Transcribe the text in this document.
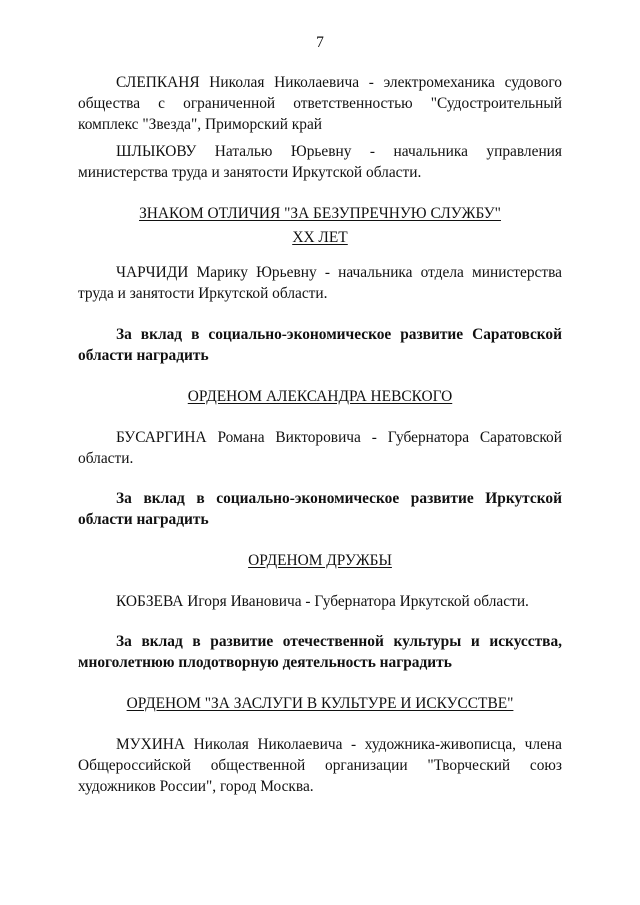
7

СЛЕПКАНЯ Николая Николаевича - электромеханика судового общества с ограниченной ответственностью "Судостроительный комплекс "Звезда", Приморский край

ШЛЫКОВУ Наталью Юрьевну - начальника управления министерства труда и занятости Иркутской области.

ЗНАКОМ ОТЛИЧИЯ "ЗА БЕЗУПРЕЧНУЮ СЛУЖБУ"
XX ЛЕТ

ЧАРЧИДИ Марику Юрьевну - начальника отдела министерства труда и занятости Иркутской области.

За вклад в социально-экономическое развитие Саратовской области наградить

ОРДЕНОМ АЛЕКСАНДРА НЕВСКОГО

БУСАРГИНА Романа Викторовича - Губернатора Саратовской области.

За вклад в социально-экономическое развитие Иркутской области наградить

ОРДЕНОМ ДРУЖБЫ

КОБЗЕВА Игоря Ивановича - Губернатора Иркутской области.

За вклад в развитие отечественной культуры и искусства, многолетнюю плодотворную деятельность наградить

ОРДЕНОМ "ЗА ЗАСЛУГИ В КУЛЬТУРЕ И ИСКУССТВЕ"

МУХИНА Николая Николаевича - художника-живописца, члена Общероссийской общественной организации "Творческий союз художников России", город Москва.
